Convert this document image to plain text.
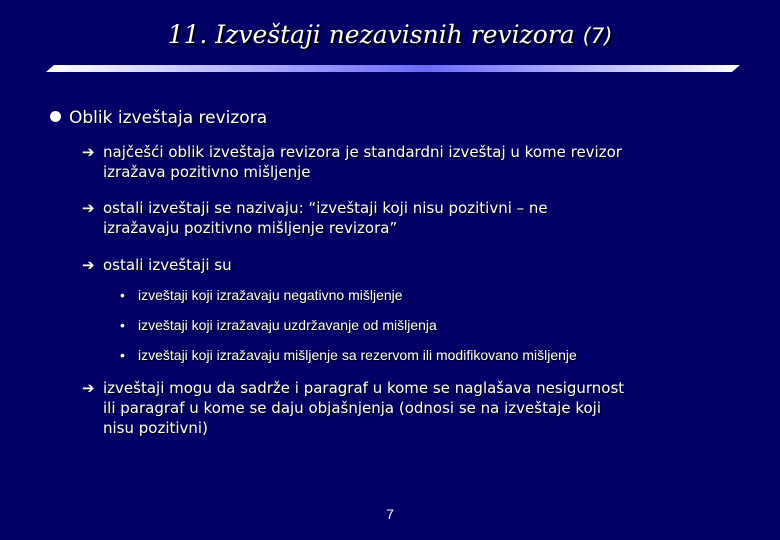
11. Izveštaji nezavisnih revizora (7)
Oblik izveštaja revizora
➔ najčešći oblik izveštaja revizora je standardni izveštaj u kome revizor
izražava pozitivno mišljenje
➔ ostali izveštaji se nazivaju: “izveštaji koji nisu pozitivni – ne
izražavaju pozitivno mišljenje revizora”
➔ ostali izveštaji su
• izveštaji koji izražavaju negativno mišljenje
• izveštaji koji izražavaju uzdržavanje od mišljenja
• izveštaji koji izražavaju mišljenje sa rezervom ili modifikovano mišljenje
➔ izveštaji mogu da sadrže i paragraf u kome se naglašava nesigurnost
ili paragraf u kome se daju objašnjenja (odnosi se na izveštaje koji
nisu pozitivni)
7
